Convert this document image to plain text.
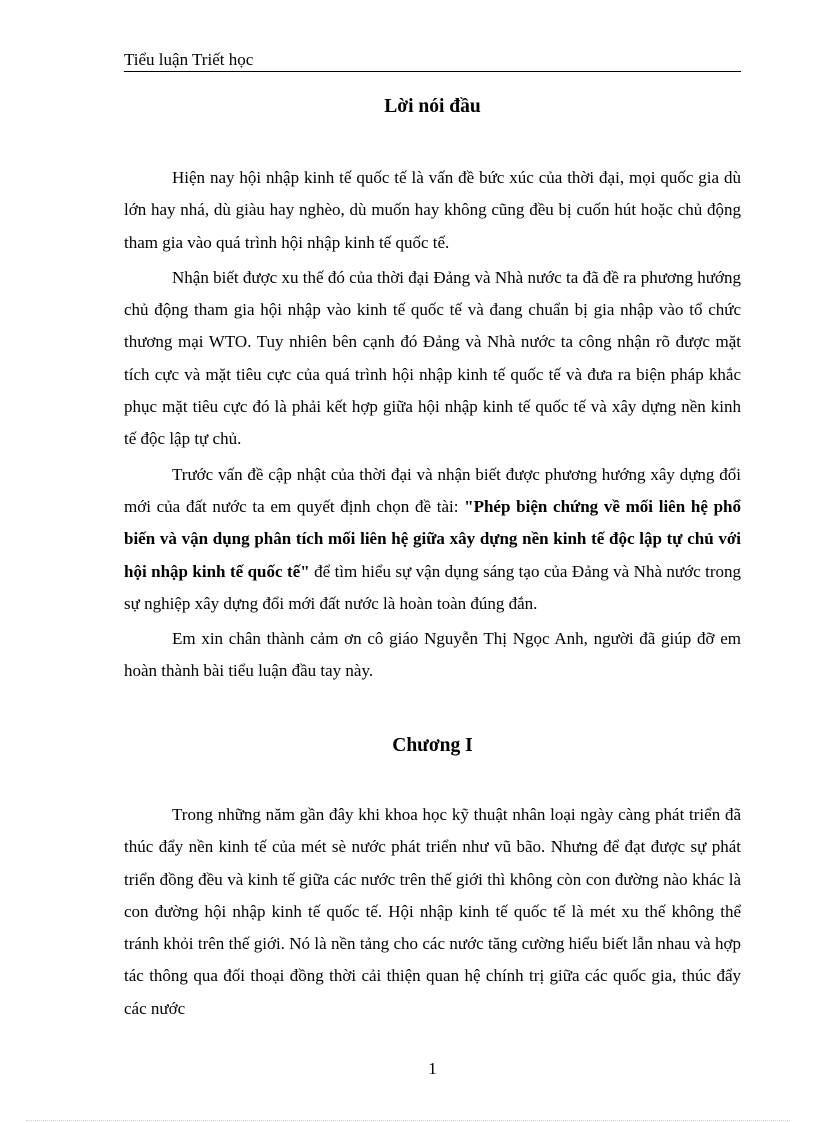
Tiểu luận Triết học
Lời nói đầu

Hiện nay hội nhập kinh tế quốc tế là vấn đề bức xúc của thời đại, mọi quốc gia dù lớn hay nhá, dù giàu hay nghèo, dù muốn hay không cũng đều bị cuốn hút hoặc chủ động tham gia vào quá trình hội nhập kinh tế quốc tế.

Nhận biết được xu thế đó của thời đại Đảng và Nhà nước ta đã đề ra phương hướng chủ động tham gia hội nhập vào kinh tế quốc tế và đang chuẩn bị gia nhập vào tổ chức thương mại WTO. Tuy nhiên bên cạnh đó Đảng và Nhà nước ta công nhận rõ được mặt tích cực và mặt tiêu cực của quá trình hội nhập kinh tế quốc tế và đưa ra biện pháp khắc phục mặt tiêu cực đó là phải kết hợp giữa hội nhập kinh tế quốc tế và xây dựng nền kinh tế độc lập tự chủ.

Trước vấn đề cập nhật của thời đại và nhận biết được phương hướng xây dựng đổi mới của đất nước ta em quyết định chọn đề tài: "Phép biện chứng về mối liên hệ phổ biến và vận dụng phân tích mối liên hệ giữa xây dựng nền kinh tế độc lập tự chủ với hội nhập kinh tế quốc tế" để tìm hiểu sự vận dụng sáng tạo của Đảng và Nhà nước trong sự nghiệp xây dựng đổi mới đất nước là hoàn toàn đúng đắn.

Em xin chân thành cảm ơn cô giáo Nguyễn Thị Ngọc Anh, người đã giúp đỡ em hoàn thành bài tiểu luận đầu tay này.

Chương I

Trong những năm gần đây khi khoa học kỹ thuật nhân loại ngày càng phát triển đã thúc đẩy nền kinh tế của mét sè nước phát triển như vũ bão. Nhưng để đạt được sự phát triển đồng đều và kinh tế giữa các nước trên thế giới thì không còn con đường nào khác là con đường hội nhập kinh tế quốc tế. Hội nhập kinh tế quốc tế là mét xu thế không thể tránh khỏi trên thế giới. Nó là nền tảng cho các nước tăng cường hiểu biết lẫn nhau và hợp tác thông qua đối thoại đồng thời cải thiện quan hệ chính trị giữa các quốc gia, thúc đẩy các nước

1
